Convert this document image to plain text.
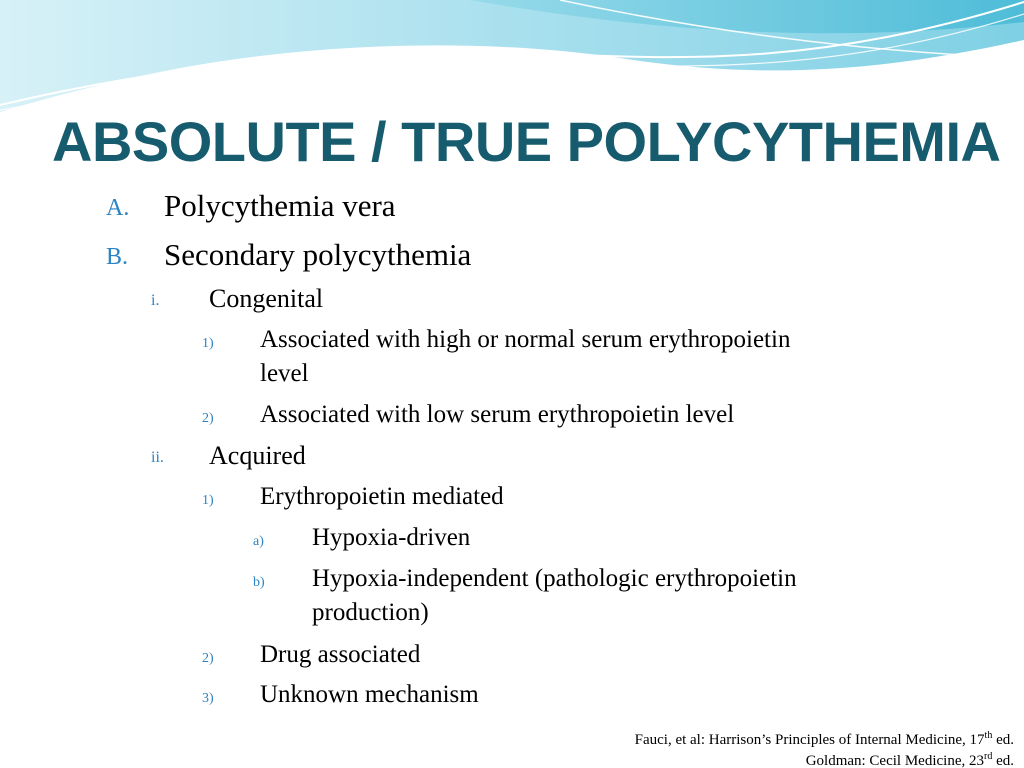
ABSOLUTE / TRUE POLYCYTHEMIA
A. Polycythemia vera
B. Secondary polycythemia
i. Congenital
1) Associated with high or normal serum erythropoietin
level
2) Associated with low serum erythropoietin level
ii. Acquired
1) Erythropoietin mediated
a) Hypoxia-driven
b) Hypoxia-independent (pathologic erythropoietin
production)
2) Drug associated
3) Unknown mechanism
Fauci, et al: Harrison’s Principles of Internal Medicine, 17th ed.
Goldman: Cecil Medicine, 23rd ed.
